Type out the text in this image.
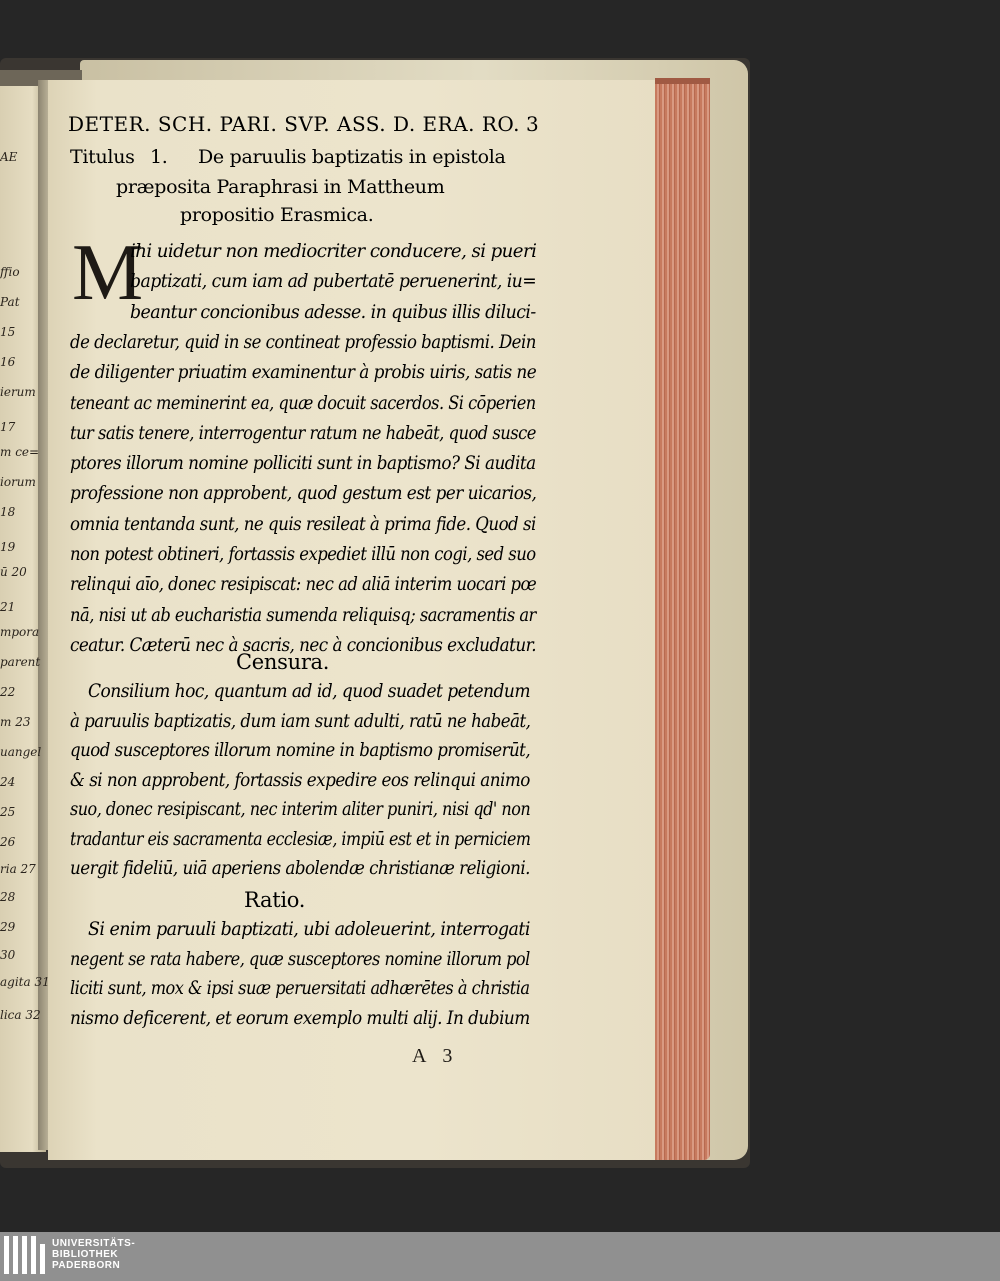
AE
ffio
Pat
15
16
ierum
17
m ce=
iorum
18
19
ū 20
21
mpora
parent
22
m 23
uangel
24
25
26
ria 27
28
29
30
agita 31
lica 32
DETER. SCH. PARI. SVP. ASS. D. ERA. RO. 3
Titulus 1. De paruulis baptizatis in epistola
præposita Paraphrasi in Mattheum
propositio Erasmica.
M
ihi uidetur non mediocriter conducere, si pueri
baptizati, cum iam ad pubertatē peruenerint, iu=
beantur concionibus adesse. in quibus illis diluci-
de declaretur, quid in se contineat professio baptismi. Dein
de diligenter priuatim examinentur à probis uiris, satis ne
teneant ac meminerint ea, quæ docuit sacerdos. Si cōperien
tur satis tenere, interrogentur ratum ne habeāt, quod susce
ptores illorum nomine polliciti sunt in baptismo? Si audita
professione non approbent, quod gestum est per uicarios,
omnia tentanda sunt, ne quis resileat à prima fide. Quod si
non potest obtineri, fortassis expediet illū non cogi, sed suo
relinqui aīo, donec resipiscat: nec ad aliā interim uocari pœ
nā, nisi ut ab eucharistia sumenda reliquisq; sacramentis ar
ceatur. Cæterū nec à sacris, nec à concionibus excludatur.
Censura.
Consilium hoc, quantum ad id, quod suadet petendum
à paruulis baptizatis, dum iam sunt adulti, ratū ne habeāt,
quod susceptores illorum nomine in baptismo promiserūt,
& si non approbent, fortassis expedire eos relinqui animo
suo, donec resipiscant, nec interim aliter puniri, nisi qd' non
tradantur eis sacramenta ecclesiæ, impiū est et in perniciem
uergit fideliū, uiā aperiens abolendæ christianæ religioni.
Ratio.
Si enim paruuli baptizati, ubi adoleuerint, interrogati
negent se rata habere, quæ susceptores nomine illorum pol
liciti sunt, mox & ipsi suæ peruersitati adhærētes à christia
nismo deficerent, et eorum exemplo multi alij. In dubium
A 3
UNIVERSITÄTS-
BIBLIOTHEK
PADERBORN
